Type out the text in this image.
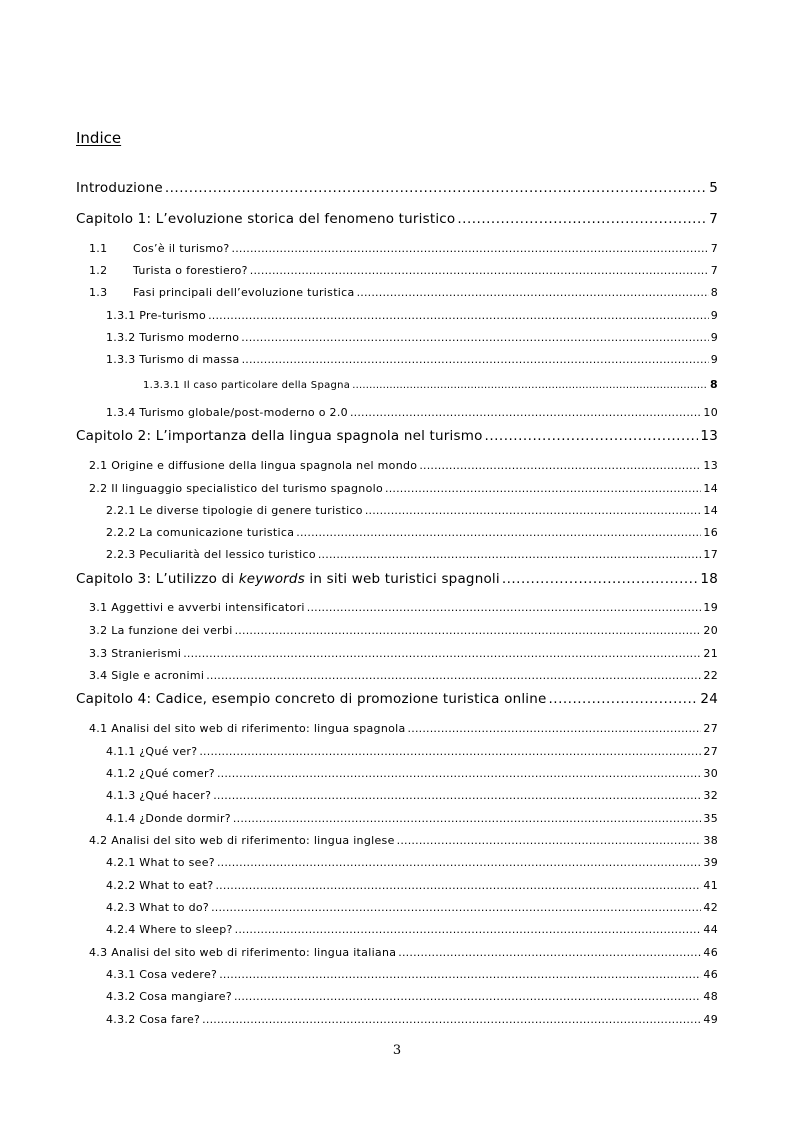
Indice
Introduzione .....	5
Capitolo 1: L’evoluzione storica del fenomeno turistico .....	7
1.1 Cos’è il turismo? .....	7
1.2 Turista o forestiero? .....	7
1.3 Fasi principali dell’evoluzione turistica .....	8
1.3.1 Pre-turismo .....	9
1.3.2 Turismo moderno .....	9
1.3.3 Turismo di massa .....	9
1.3.3.1 Il caso particolare della Spagna .....	8
1.3.4 Turismo globale/post-moderno o 2.0 .....	10
Capitolo 2: L’importanza della lingua spagnola nel turismo .....	13
2.1 Origine e diffusione della lingua spagnola nel mondo .....	13
2.2 Il linguaggio specialistico del turismo spagnolo .....	14
2.2.1 Le diverse tipologie di genere turistico .....	14
2.2.2 La comunicazione turistica .....	16
2.2.3 Peculiarità del lessico turistico .....	17
Capitolo 3: L’utilizzo di keywords in siti web turistici spagnoli .....	18
3.1 Aggettivi e avverbi intensificatori .....	19
3.2 La funzione dei verbi .....	20
3.3 Stranierismi .....	21
3.4 Sigle e acronimi .....	22
Capitolo 4: Cadice, esempio concreto di promozione turistica online .....	24
4.1 Analisi del sito web di riferimento: lingua spagnola .....	27
4.1.1 ¿Qué ver? .....	27
4.1.2 ¿Qué comer? .....	30
4.1.3 ¿Qué hacer? .....	32
4.1.4 ¿Donde dormir? .....	35
4.2 Analisi del sito web di riferimento: lingua inglese .....	38
4.2.1 What to see? .....	39
4.2.2 What to eat? .....	41
4.2.3 What to do? .....	42
4.2.4 Where to sleep? .....	44
4.3 Analisi del sito web di riferimento: lingua italiana .....	46
4.3.1 Cosa vedere? .....	46
4.3.2 Cosa mangiare? .....	48
4.3.2 Cosa fare? .....	49
3
